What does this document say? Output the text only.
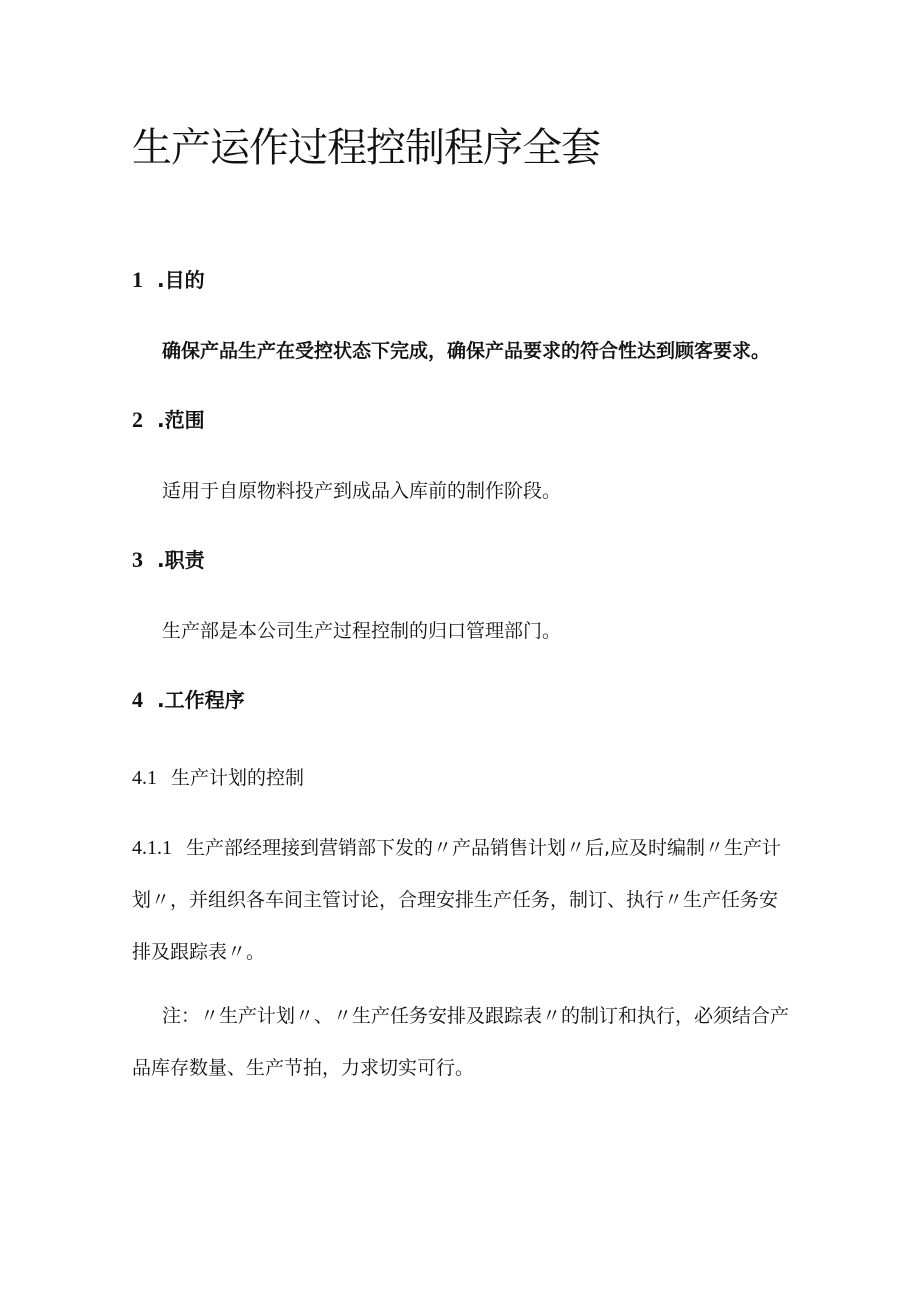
生产运作过程控制程序全套
1 .目的

确保产品生产在受控状态下完成，确保产品要求的符合性达到顾客要求。

2 .范围

适用于自原物料投产到成品入库前的制作阶段。

3 .职责

生产部是本公司生产过程控制的归口管理部门。

4 .工作程序
4.1 生产计划的控制

4.1.1 生产部经理接到营销部下发的〃产品销售计划〃后,应及时编制〃生产计划〃，并组织各车间主管讨论，合理安排生产任务，制订、执行〃生产任务安排及跟踪表〃。

注：〃生产计划〃、〃生产任务安排及跟踪表〃的制订和执行，必须结合产品库存数量、生产节拍，力求切实可行。
